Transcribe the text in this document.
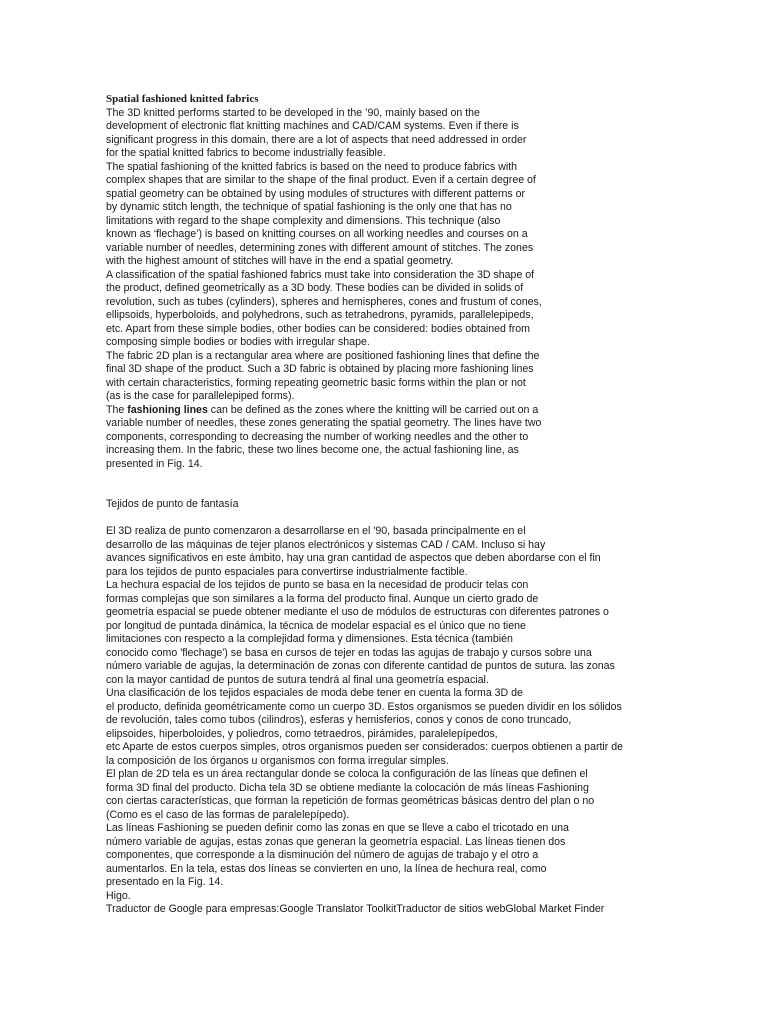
Spatial fashioned knitted fabrics
The 3D knitted performs started to be developed in the ’90, mainly based on the
development of electronic flat knitting machines and CAD/CAM systems. Even if there is
significant progress in this domain, there are a lot of aspects that need addressed in order
for the spatial knitted fabrics to become industrially feasible.
The spatial fashioning of the knitted fabrics is based on the need to produce fabrics with
complex shapes that are similar to the shape of the final product. Even if a certain degree of
spatial geometry can be obtained by using modules of structures with different patterns or
by dynamic stitch length, the technique of spatial fashioning is the only one that has no
limitations with regard to the shape complexity and dimensions. This technique (also
known as ‘flechage’) is based on knitting courses on all working needles and courses on a
variable number of needles, determining zones with different amount of stitches. The zones
with the highest amount of stitches will have in the end a spatial geometry.
A classification of the spatial fashioned fabrics must take into consideration the 3D shape of
the product, defined geometrically as a 3D body. These bodies can be divided in solids of
revolution, such as tubes (cylinders), spheres and hemispheres, cones and frustum of cones,
ellipsoids, hyperboloids, and polyhedrons, such as tetrahedrons, pyramids, parallelepipeds,
etc. Apart from these simple bodies, other bodies can be considered: bodies obtained from
composing simple bodies or bodies with irregular shape.
The fabric 2D plan is a rectangular area where are positioned fashioning lines that define the
final 3D shape of the product. Such a 3D fabric is obtained by placing more fashioning lines
with certain characteristics, forming repeating geometric basic forms within the plan or not
(as is the case for parallelepiped forms).
The fashioning lines can be defined as the zones where the knitting will be carried out on a
variable number of needles, these zones generating the spatial geometry. The lines have two
components, corresponding to decreasing the number of working needles and the other to
increasing them. In the fabric, these two lines become one, the actual fashioning line, as
presented in Fig. 14.
Tejidos de punto de fantasía
El 3D realiza de punto comenzaron a desarrollarse en el '90, basada principalmente en el
desarrollo de las máquinas de tejer planos electrónicos y sistemas CAD / CAM. Incluso si hay
avances significativos en este ámbito, hay una gran cantidad de aspectos que deben abordarse con el fin
para los tejidos de punto espaciales para convertirse industrialmente factible.
La hechura espacial de los tejidos de punto se basa en la necesidad de producir telas con
formas complejas que son similares a la forma del producto final. Aunque un cierto grado de
geometría espacial se puede obtener mediante el uso de módulos de estructuras con diferentes patrones o
por longitud de puntada dinámica, la técnica de modelar espacial es el único que no tiene
limitaciones con respecto a la complejidad forma y dimensiones. Esta técnica (también
conocido como 'flechage') se basa en cursos de tejer en todas las agujas de trabajo y cursos sobre una
número variable de agujas, la determinación de zonas con diferente cantidad de puntos de sutura. las zonas
con la mayor cantidad de puntos de sutura tendrá al final una geometría espacial.
Una clasificación de los tejidos espaciales de moda debe tener en cuenta la forma 3D de
el producto, definida geométricamente como un cuerpo 3D. Estos organismos se pueden dividir en los sólidos
de revolución, tales como tubos (cilindros), esferas y hemisferios, conos y conos de cono truncado,
elipsoides, hiperboloides, y poliedros, como tetraedros, pirámides, paralelepípedos,
etc Aparte de estos cuerpos simples, otros organismos pueden ser considerados: cuerpos obtienen a partir de
la composición de los órganos u organismos con forma irregular simples.
El plan de 2D tela es un área rectangular donde se coloca la configuración de las líneas que definen el
forma 3D final del producto. Dicha tela 3D se obtiene mediante la colocación de más líneas Fashioning
con ciertas características, que forman la repetición de formas geométricas básicas dentro del plan o no
(Como es el caso de las formas de paralelepípedo).
Las líneas Fashioning se pueden definir como las zonas en que se lleve a cabo el tricotado en una
número variable de agujas, estas zonas que generan la geometría espacial. Las líneas tienen dos
componentes, que corresponde a la disminución del número de agujas de trabajo y el otro a
aumentarlos. En la tela, estas dos líneas se convierten en uno, la línea de hechura real, como
presentado en la Fig. 14.
Higo.
Traductor de Google para empresas:Google Translator ToolkitTraductor de sitios webGlobal Market Finder
